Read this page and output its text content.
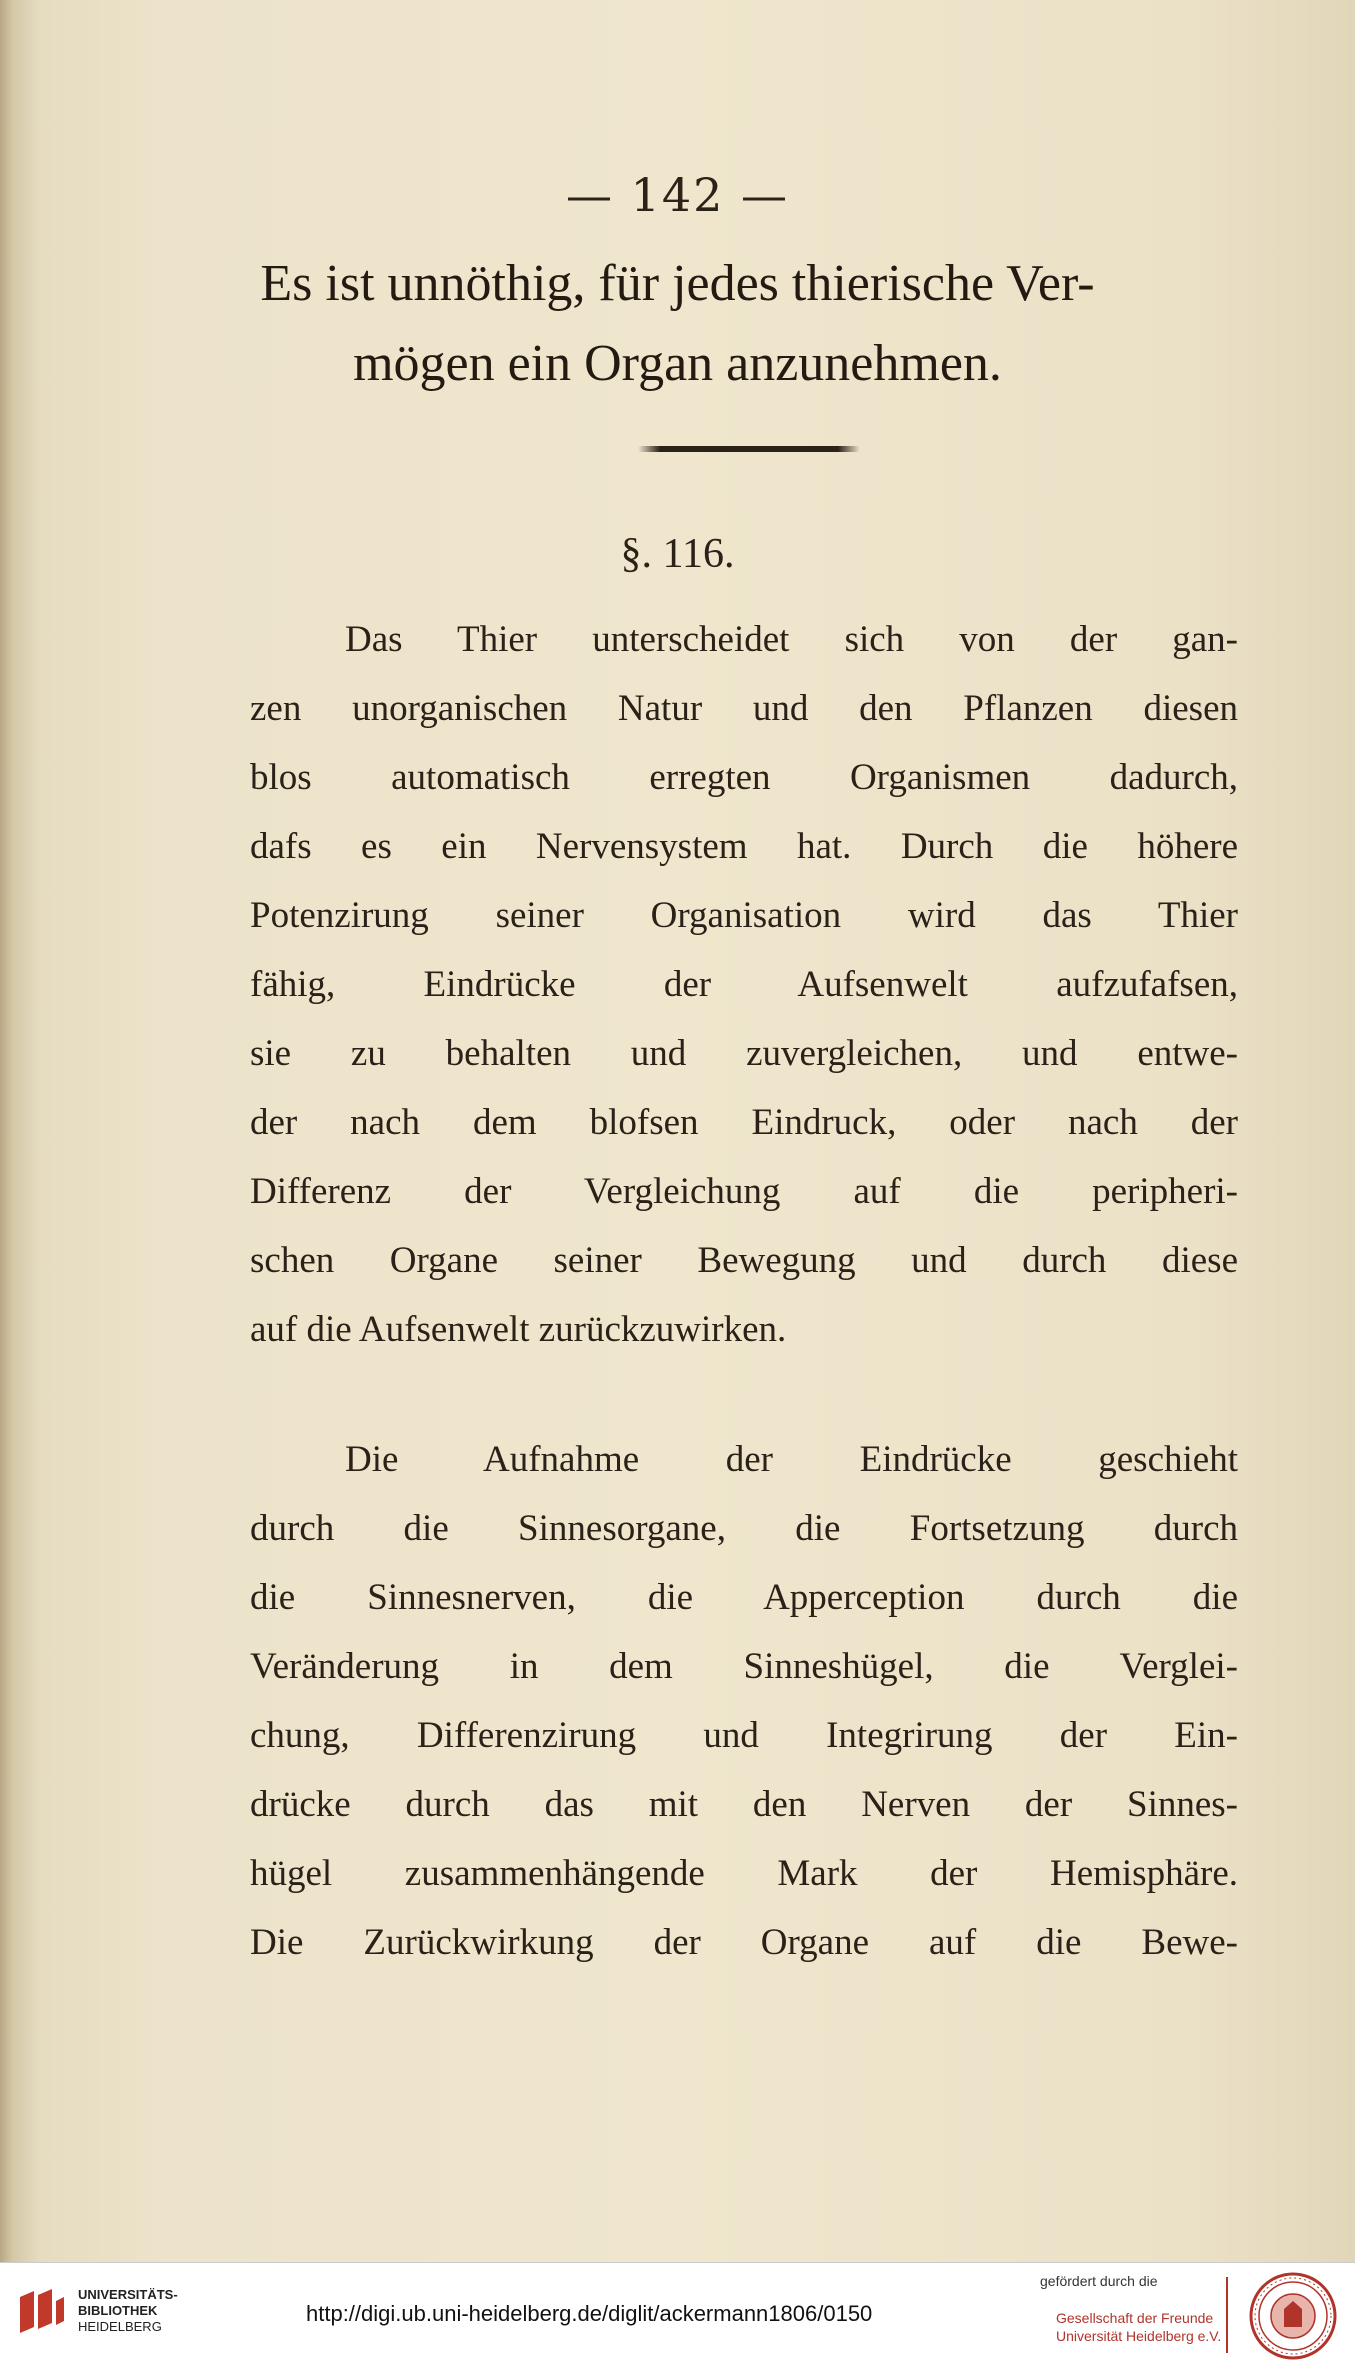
— 142 —
Es ist unnöthig, für jedes thierische Ver-
mögen ein Organ anzunehmen.
§. 116.
Das Thier unterscheidet sich von der gan-
zen unorganischen Natur und den Pflanzen diesen
blos automatisch erregten Organismen dadurch,
dafs es ein Nervensystem hat. Durch die höhere
Potenzirung seiner Organisation wird das Thier
fähig, Eindrücke der Aufsenwelt aufzufafsen,
sie zu behalten und zuvergleichen, und entwe-
der nach dem blofsen Eindruck, oder nach der
Differenz der Vergleichung auf die peripheri-
schen Organe seiner Bewegung und durch diese
auf die Aufsenwelt zurückzuwirken.
Die Aufnahme der Eindrücke geschieht
durch die Sinnesorgane, die Fortsetzung durch
die Sinnesnerven, die Apperception durch die
Veränderung in dem Sinneshügel, die Verglei-
chung, Differenzirung und Integrirung der Ein-
drücke durch das mit den Nerven der Sinnes-
hügel zusammenhängende Mark der Hemisphäre.
Die Zurückwirkung der Organe auf die Bewe-
UNIVERSITÄTS-
BIBLIOTHEK
HEIDELBERG
http://digi.ub.uni-heidelberg.de/diglit/ackermann1806/0150
gefördert durch die
Gesellschaft der Freunde
Universität Heidelberg e.V.
